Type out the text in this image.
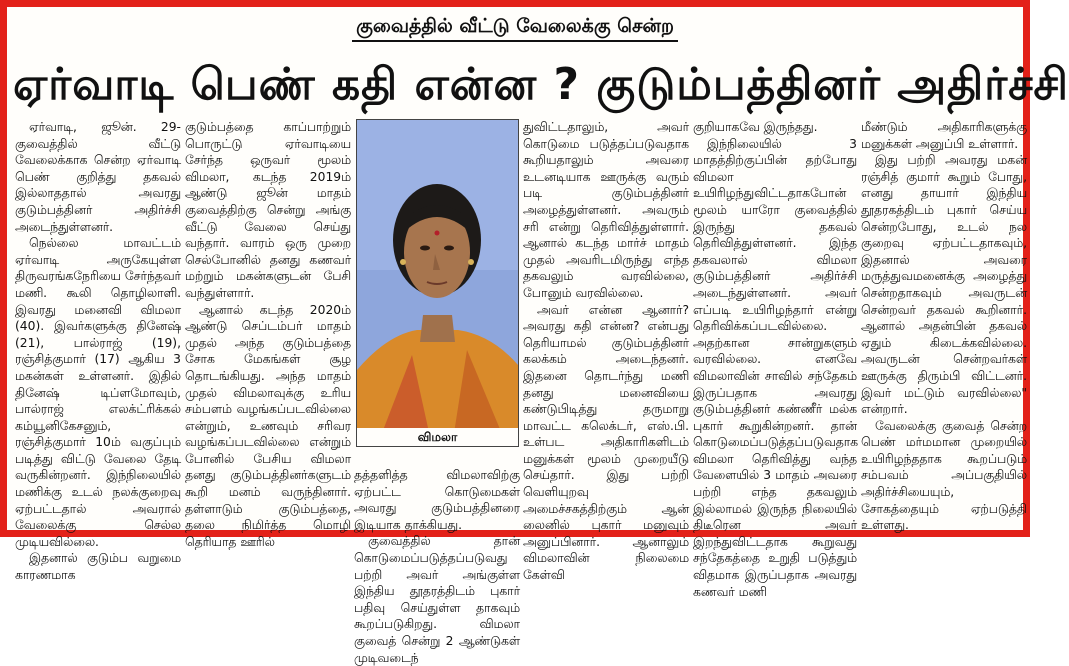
குவைத்தில் வீட்டு வேலைக்கு சென்ற
ஏர்வாடி பெண் கதி என்ன ? குடும்பத்தினர் அதிர்ச்சி

ஏர்வாடி, ஜூன். 29- குவைத்தில் வீட்டு வேலைக்காக சென்ற ஏர்வாடி பெண் குறித்து தகவல் இல்லாததால் அவரது குடும்பத்தினர் அதிர்ச்சி அடைந்துள்ளனர்.

நெல்லை மாவட்டம் ஏர்வாடி அருகேயுள்ள திருவரங்கநேரியை சேர்ந்தவர் மணி. கூலி தொழிலாளி. இவரது மனைவி விமலா (40). இவர்களுக்கு தினேஷ் (21), பால்ராஜ் (19), ரஞ்சித்குமார் (17) ஆகிய 3 மகன்கள் உள்ளனர். இதில் தினேஷ் டிப்ளமோவும், பால்ராஜ் எலக்ட்ரிக்கல் கம்யூனிகேசனும், ரஞ்சித்குமார் 10ம் வகுப்பும் படித்து விட்டு வேலை தேடி வருகின்றனர். இந்நிலையில் மணிக்கு உடல் நலக்குறைவு ஏற்பட்டதால் அவரால் வேலைக்கு செல்ல முடியவில்லை.

இதனால் குடும்ப வறுமை காரணமாக

குடும்பத்தை காப்பாற்றும் பொருட்டு ஏர்வாடியை சேர்ந்த ஒருவர் மூலம் விமலா, கடந்த 2019ம் ஆண்டு ஜூன் மாதம் குவைத்திற்கு சென்று அங்கு வீட்டு வேலை செய்து வந்தார். வாரம் ஒரு முறை செல்போனில் தனது கணவர் மற்றும் மகன்களுடன் பேசி வந்துள்ளார்.

ஆனால் கடந்த 2020ம் ஆண்டு செப்டம்பர் மாதம் முதல் அந்த குடும்பத்தை சோக மேகங்கள் சூழ தொடங்கியது. அந்த மாதம் முதல் விமலாவுக்கு உரிய சம்பளம் வழங்கப்படவில்லை என்றும், உணவும் சரிவர வழங்கப்படவில்லை என்றும் போனில் பேசிய விமலா தனது குடும்பத்தினர்களுடம் கூறி மனம் வருந்தினார். தள்ளாடும் குடும்பத்தை, தலை நிமிர்த்த மொழி தெரியாத ஊரில்

விமலா

தத்தளித்த விமலாவிற்கு ஏற்பட்ட கொடுமைகள் அவரது குடும்பத்தினரை இடியாக தாக்கியது.

குவைத்தில் தான் கொடுமைப்படுத்தப்படுவது பற்றி அவர் அங்குள்ள இந்திய தூதரத்திடம் புகார் பதிவு செய்துள்ள தாகவும் கூறப்படுகிறது. விமலா குவைத் சென்று 2 ஆண்டுகள் முடிவடைந்

துவிட்டதாலும், அவர் கொடுமை படுத்தப்படுவதாக கூறியதாலும் அவரை உடனடியாக ஊருக்கு வரும் படி குடும்பத்தினர் அழைத்துள்ளனர். அவரும் சரி என்று தெரிவித்துள்ளார். ஆனால் கடந்த மார்ச் மாதம் முதல் அவரிடமிருந்து எந்த தகவலும் வரவில்லை, போனும் வரவில்லை.

அவர் என்ன ஆனார்? அவரது கதி என்ன? என்பது தெரியாமல் குடும்பத்தினர் கலக்கம் அடைந்தனர். இதனை தொடர்ந்து மணி தனது மனைவியை கண்டுபிடித்து தருமாறு மாவட்ட கலெக்டர், எஸ்.பி. உள்பட அதிகாரிகளிடம் மனுக்கள் மூலம் முறையீடு செய்தார். இது பற்றி வெளியுறவு அமைச்சகத்திற்கும் ஆன் லைனில் புகார் மனுவும் அனுப்பினார். ஆனாலும் விமலாவின் நிலைமை கேள்வி

குறியாகவே இருந்தது.

இந்நிலையில் 3 மாதத்திற்குப்பின் தற்போது விமலா உயிரிழந்துவிட்டதாகபோன் மூலம் யாரோ குவைத்தில் இருந்து தகவல் தெரிவித்துள்ளனர். இந்த தகவலால் விமலா குடும்பத்தினர் அதிர்ச்சி அடைந்துள்ளனர். அவர் எப்படி உயிரிழந்தார் என்று தெரிவிக்கப்படவில்லை. அதற்கான சான்றுகளும் வரவில்லை. எனவே விமலாவின் சாவில் சந்தேகம் இருப்பதாக அவரது குடும்பத்தினர் கண்ணீர் மல்க புகார் கூறுகின்றனர். தான் கொடுமைப்படுத்தப்படுவதாக விமலா தெரிவித்து வந்த வேளையில் 3 மாதம் அவரை பற்றி எந்த தகவலும் இல்லாமல் இருந்த நிலையில் திடீரென அவர் இறந்துவிட்டதாக கூறுவது சந்தேகத்தை உறுதி படுத்தும் விதமாக இருப்பதாக அவரது கணவர் மணி

மீண்டும் அதிகாரிகளுக்கு மனுக்கள் அனுப்பி உள்ளார்.

இது பற்றி அவரது மகன் ரஞ்சித் குமார் கூறும் போது, எனது தாயார் இந்திய தூதரகத்திடம் புகார் செய்ய சென்றபோது, உடல் நல குறைவு ஏற்பட்டதாகவும், இதனால் அவரை மருத்துவமனைக்கு அழைத்து சென்றதாகவும் அவருடன் சென்றவர் தகவல் கூறினார். ஆனால் அதன்பின் தகவல் ஏதும் கிடைக்கவில்லை. அவருடன் சென்றவர்கள் ஊருக்கு திரும்பி விட்டனர். இவர் மட்டும் வரவில்லை" என்றார்.

வேலைக்கு குவைத் சென்ற பெண் மர்மமான முறையில் உயிரிழந்ததாக கூறப்படும் சம்பவம் அப்பகுதியில் அதிர்ச்சியையும், சோகத்தையும் ஏற்படுத்தி உள்ளது.
